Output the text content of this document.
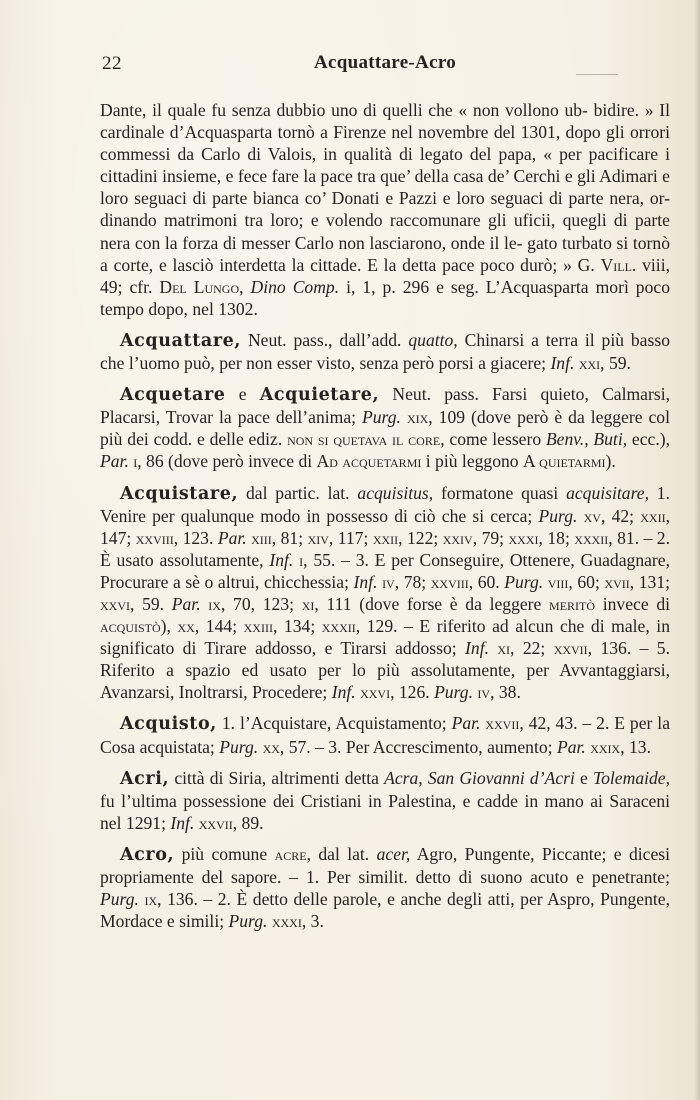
22	Acquattare-Acro

Dante, il quale fu senza dubbio uno di quelli che « non vollono ub- bidire. » Il cardinale d’Acquasparta tornò a Firenze nel novembre del 1301, dopo gli orrori commessi da Carlo di Valois, in qualità di legato del papa, « per pacificare i cittadini insieme, e fece fare la pace tra que’ della casa de’ Cerchi e gli Adimari e loro seguaci di parte bianca co’ Donati e Pazzi e loro seguaci di parte nera, or- dinando matrimoni tra loro; e volendo raccomunare gli uficii, quegli di parte nera con la forza di messer Carlo non lasciarono, onde il le- gato turbato si tornò a corte, e lasciò interdetta la cittade. E la detta pace poco durò; » G. Vill. viii, 49; cfr. Del Lungo, Dino Comp. i, 1, p. 296 e seg. L’Acquasparta morì poco tempo dopo, nel 1302.

Acquattare, Neut. pass., dall’add. quatto, Chinarsi a terra il più basso che l’uomo può, per non esser visto, senza però porsi a giacere; Inf. xxi, 59.

Acquetare e Acquietare, Neut. pass. Farsi quieto, Calmarsi, Placarsi, Trovar la pace dell’anima; Purg. xix, 109 (dove però è da leggere col più dei codd. e delle ediz. non si quetava il core, come lessero Benv., Buti, ecc.), Par. i, 86 (dove però invece di Ad acquetarmi i più leggono A quietarmi).

Acquistare, dal partic. lat. acquisitus, formatone quasi acquisitare, 1. Venire per qualunque modo in possesso di ciò che si cerca; Purg. xv, 42; xxii, 147; xxviii, 123. Par. xiii, 81; xiv, 117; xxii, 122; xxiv, 79; xxxi, 18; xxxii, 81. – 2. È usato assolutamente, Inf. i, 55. – 3. E per Conseguire, Ottenere, Guadagnare, Procurare a sè o altrui, chicchessia; Inf. iv, 78; xxviii, 60. Purg. viii, 60; xvii, 131; xxvi, 59. Par. ix, 70, 123; xi, 111 (dove forse è da leggere meritò invece di acquistò), xx, 144; xxiii, 134; xxxii, 129. – E riferito ad alcun che di male, in significato di Tirare addosso, e Tirarsi addosso; Inf. xi, 22; xxvii, 136. – 5. Riferito a spazio ed usato per lo più assolutamente, per Avvantaggiarsi, Avanzarsi, Inoltrarsi, Procedere; Inf. xxvi, 126. Purg. iv, 38.

Acquisto, 1. l’Acquistare, Acquistamento; Par. xxvii, 42, 43. – 2. E per la Cosa acquistata; Purg. xx, 57. – 3. Per Accrescimento, aumento; Par. xxix, 13.

Acri, città di Siria, altrimenti detta Acra, San Giovanni d’Acri e Tolemaide, fu l’ultima possessione dei Cristiani in Palestina, e cadde in mano ai Saraceni nel 1291; Inf. xxvii, 89.

Acro, più comune acre, dal lat. acer, Agro, Pungente, Piccante; e dicesi propriamente del sapore. – 1. Per similit. detto di suono acuto e penetrante; Purg. ix, 136. – 2. È detto delle parole, e anche degli atti, per Aspro, Pungente, Mordace e simili; Purg. xxxi, 3.
